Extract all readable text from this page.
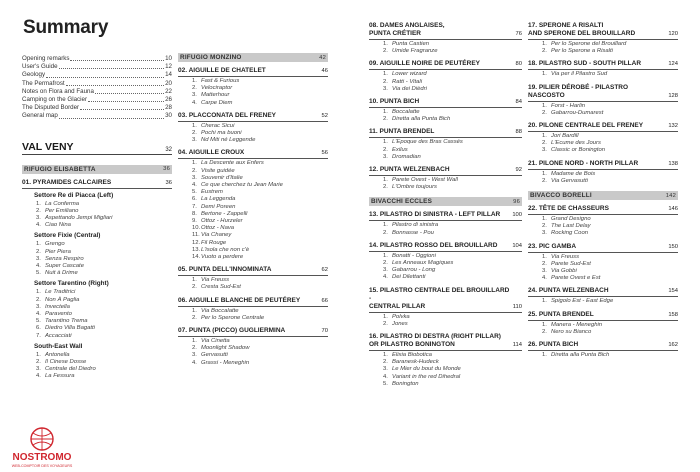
Summary
Opening remarks	10
User's Guide	12
Geology	14
The Permafrost	20
Notes on Flora and Fauna	22
Camping on the Glacier	26
The Disputed Border	28
General map	30
VAL VENY	32
RIFUGIO ELISABETTA	36
01. PYRAMIDES CALCAIRES	36
Settore Re di Piacca (Left)
1. La Conferma
2. Per Emiliano
3. Aspettando Jempi Migliari
4. Ciao Nina
Settore Fixie (Central)
1. Grengo
2. Pier Piera
3. Senza Respiro
4. Super Cascate
5. Nuit à Drime
Settore Tarentino (Right)
1. Le Traditrici
2. Non À Paglia
3. Invectella
4. Paravento
5. Tarantino Trema
6. Diedro Villa Bagatti
7. Accacciati
South-East Wall
1. Antonella
2. Il Cinese Dosse
3. Centrale del Diedro
4. La Fessura
RIFUGIO MONZINO	42
02. AIGUILLE DE CHATELET	46
1. Fast & Furious
2. Velociraptor
3. Matterhour
4. Carpe Diem
03. PLACCONATA DEL FRENEY	52
1. Cherac Sicui
2. Pochi ma buoni
3. Nd Miti né Leggende
04. AIGUILLE CROUX	56
1. La Descente aux Enfers
2. Visite guidée
3. Souvenir d'Italie
4. Ce que cherchez tu Jean Marie
5. Eustrem
6. La Leggenda
7. Demi Poreen
8. Bertone - Zappelli
9. Ottoz - Hurzeler
10. Ottoz - Nava
11. Via Chaney
12. Fil Rouge
13. L'isola che non c'è
14. Vuoto a perdere
05. PUNTA DELL'INNOMINATA	62
1. Via Freuss
2. Cresta Sud-Est
06. AIGUILLE BLANCHE DE PEUTÉREY	66
1. Via Boccalatte
2. Per lo Sperone Centrale
07. PUNTA (PICCO) GUGLIERMINA	70
1. Via Cinetta
2. Moonlight Shadow
3. Gervasutti
4. Grassi - Meneghin
08. DAMES ANGLAISES,
PUNTA CRÉTIER	76
1. Punta Castien
2. Umide Fragranze
09. AIGUILLE NOIRE DE PEUTÉREY	80
1. Lower wizard
2. Ratti - Vitali
3. Via dei Dièdri
10. PUNTA BICH	84
1. Boccalatte
2. Diretta alla Punta Bich
11. PUNTA BRENDEL	88
1. L'Epoque des Bras Cassés
2. Exilus
3. Dromadian
12. PUNTA WELZENBACH	92
1. Parete Ovest - West Wall
2. L'Ombre toujours
BIVACCHI ECCLES	96
13. PILASTRO DI SINISTRA - LEFT PILLAR	100
1. Pilastro di sinistra
2. Bonnasse - Pou
14. PILASTRO ROSSO DEL BROUILLARD	104
1. Bonatti - Oggioni
2. Les Anneaux Magiques
3. Gabarrou - Long
4. Dei Dilettanti
15. PILASTRO CENTRALE DEL BROUILLARD -
CENTRAL PILLAR	110
1. Polvka
2. Jones
16. PILASTRO DI DESTRA (RIGHT PILLAR)
OR PILASTRO BONINGTON	114
1. Elixia Biobotica
2. Baranesk-Hudeck
3. Le Mier du bout du Monde
4. Variant in the red Dihedral
5. Bonington
17. SPERONE A RISALTI
AND SPERONE DEL BROUILLARD	120
1. Per lo Sperone del Brouillard
2. Per lo Sperone a Risalti
18. PILASTRO SUD - SOUTH PILLAR	124
1. Via per il Pilastro Sud
19. PILIER DÉROBÉ - PILASTRO
NASCOSTO	128
1. Forst - Harlin
2. Gabarrou-Dumarest
20. PILONE CENTRALE DEL FRENEY	132
1. Jori Bardill
2. L'Ecume des Jours
3. Classic or Bonington
21. PILONE NORD - NORTH PILLAR	138
1. Madame de Bois
2. Via Gervasutti
BIVACCO BORELLI	142
22. TÊTE DE CHASSEURS	146
1. Grand Designo
2. The Last Delay
3. Rocking Coon
23. PIC GAMBA	150
1. Via Freuss
2. Parete Sud-Est
3. Via Gobbi
4. Parete Ovest e Est
24. PUNTA WELZENBACH	154
1. Spigolo Est - East Edge
25. PUNTA BRENDEL	158
1. Manera - Meneghin
2. Nero su Bianco
26. PUNTA BICH	162
1. Diretta alla Punta Bich
NOSTROMO
WEB-COMPTOIR DES VOYAGEURS
